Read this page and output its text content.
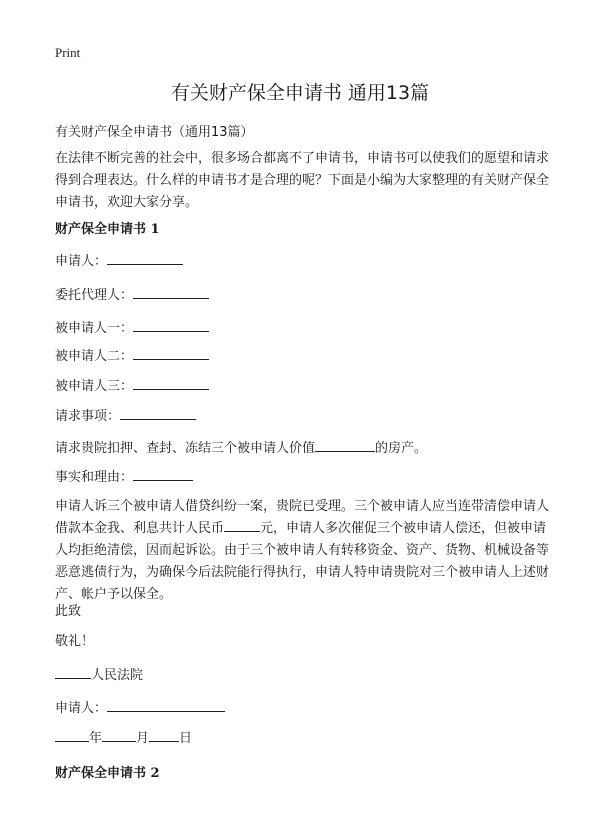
Print
有关财产保全申请书 通用13篇
有关财产保全申请书（通用13篇）

在法律不断完善的社会中，很多场合都离不了申请书，申请书可以使我们的愿望和请求得到合理表达。什么样的申请书才是合理的呢？下面是小编为大家整理的有关财产保全申请书，欢迎大家分享。

财产保全申请书 1
申请人：
委托代理人：
被申请人一：
被申请人二：
被申请人三：
请求事项：
请求贵院扣押、查封、冻结三个被申请人价值	的房产。
事实和理由：

申请人诉三个被申请人借贷纠纷一案，贵院已受理。三个被申请人应当连带清偿申请人借款本金我、利息共计人民币	元，申请人多次催促三个被申请人偿还，但被申请人均拒绝清偿，因而起诉讼。由于三个被申请人有转移资金、资产、货物、机械设备等恶意逃债行为，为确保今后法院能行得执行，申请人特申请贵院对三个被申请人上述财产、帐户予以保全。

此致
敬礼！
人民法院
申请人：
年	月 日
财产保全申请书 2
